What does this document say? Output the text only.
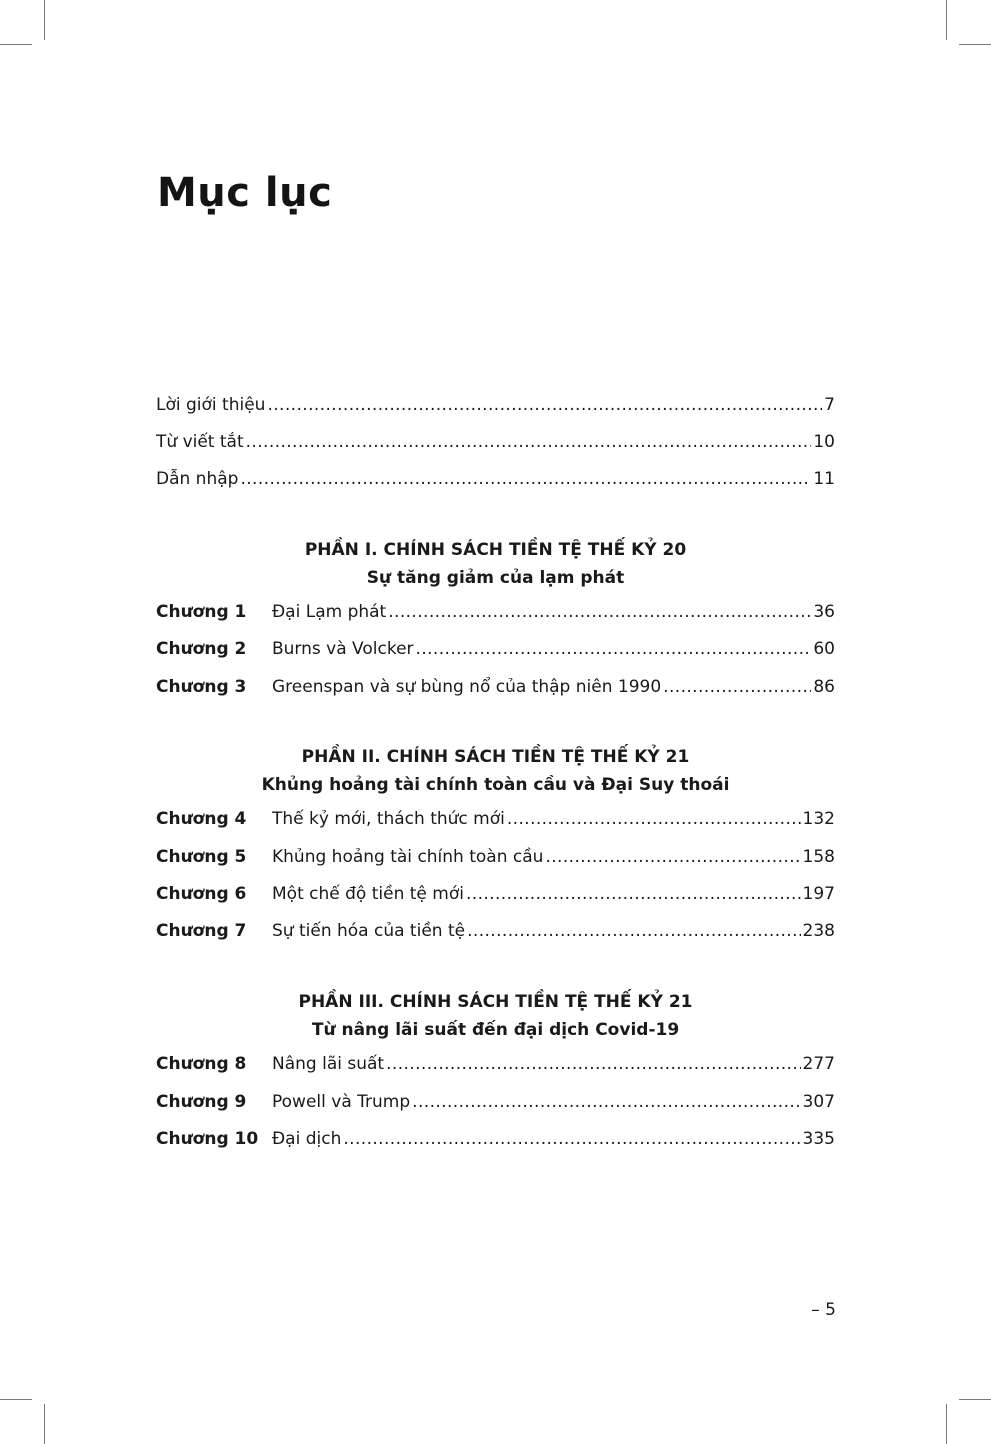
Mục lục
Lời giới thiệu .....	7
Từ viết tắt .....	10
Dẫn nhập .....	11
PHẦN I. CHÍNH SÁCH TIỀN TỆ THẾ KỶ 20
Sự tăng giảm của lạm phát
Chương 1	Đại Lạm phát .....	36
Chương 2	Burns và Volcker .....	60
Chương 3	Greenspan và sự bùng nổ của thập niên 1990 .....	86
PHẦN II. CHÍNH SÁCH TIỀN TỆ THẾ KỶ 21
Khủng hoảng tài chính toàn cầu và Đại Suy thoái
Chương 4	Thế kỷ mới, thách thức mới .....	132
Chương 5	Khủng hoảng tài chính toàn cầu .....	158
Chương 6	Một chế độ tiền tệ mới .....	197
Chương 7	Sự tiến hóa của tiền tệ .....	238
PHẦN III. CHÍNH SÁCH TIỀN TỆ THẾ KỶ 21
Từ nâng lãi suất đến đại dịch Covid-19
Chương 8	Nâng lãi suất .....	277
Chương 9	Powell và Trump .....	307
Chương 10 Đại dịch .....	335
– 5
